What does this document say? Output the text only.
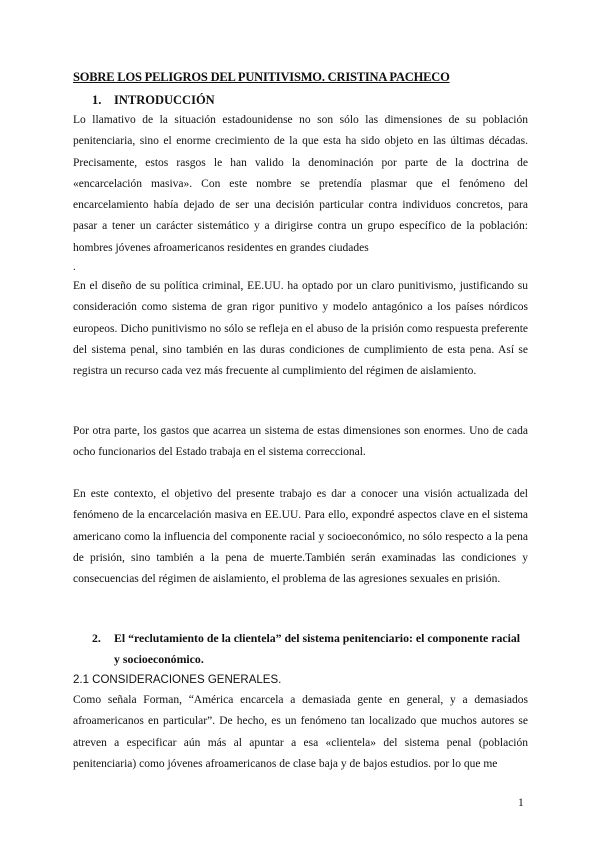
SOBRE LOS PELIGROS DEL PUNITIVISMO. CRISTINA PACHECO
1. INTRODUCCIÓN

Lo llamativo de la situación estadounidense no son sólo las dimensiones de su población penitenciaria, sino el enorme crecimiento de la que esta ha sido objeto en las últimas décadas. Precisamente, estos rasgos le han valido la denominación por parte de la doctrina de «encarcelación masiva». Con este nombre se pretendía plasmar que el fenómeno del encarcelamiento había dejado de ser una decisión particular contra individuos concretos, para pasar a tener un carácter sistemático y a dirigirse contra un grupo específico de la población: hombres jóvenes afroamericanos residentes en grandes ciudades

.

En el diseño de su política criminal, EE.UU. ha optado por un claro punitivismo, justificando su consideración como sistema de gran rigor punitivo y modelo antagónico a los países nórdicos europeos. Dicho punitivismo no sólo se refleja en el abuso de la prisión como respuesta preferente del sistema penal, sino también en las duras condiciones de cumplimiento de esta pena. Así se registra un recurso cada vez más frecuente al cumplimiento del régimen de aislamiento.

Por otra parte, los gastos que acarrea un sistema de estas dimensiones son enormes. Uno de cada ocho funcionarios del Estado trabaja en el sistema correccional.

En este contexto, el objetivo del presente trabajo es dar a conocer una visión actualizada del fenómeno de la encarcelación masiva en EE.UU. Para ello, expondré aspectos clave en el sistema americano como la influencia del componente racial y socioeconómico, no sólo respecto a la pena de prisión, sino también a la pena de muerte.También serán examinadas las condiciones y consecuencias del régimen de aislamiento, el problema de las agresiones sexuales en prisión.

2.	El “reclutamiento de la clientela” del sistema penitenciario: el componente racial y socioeconómico.
2.1 CONSIDERACIONES GENERALES.

Como señala Forman, “América encarcela a demasiada gente en general, y a demasiados afroamericanos en particular”. De hecho, es un fenómeno tan localizado que muchos autores se atreven a especificar aún más al apuntar a esa «clientela» del sistema penal (población penitenciaria) como jóvenes afroamericanos de clase baja y de bajos estudios. por lo que me

1
